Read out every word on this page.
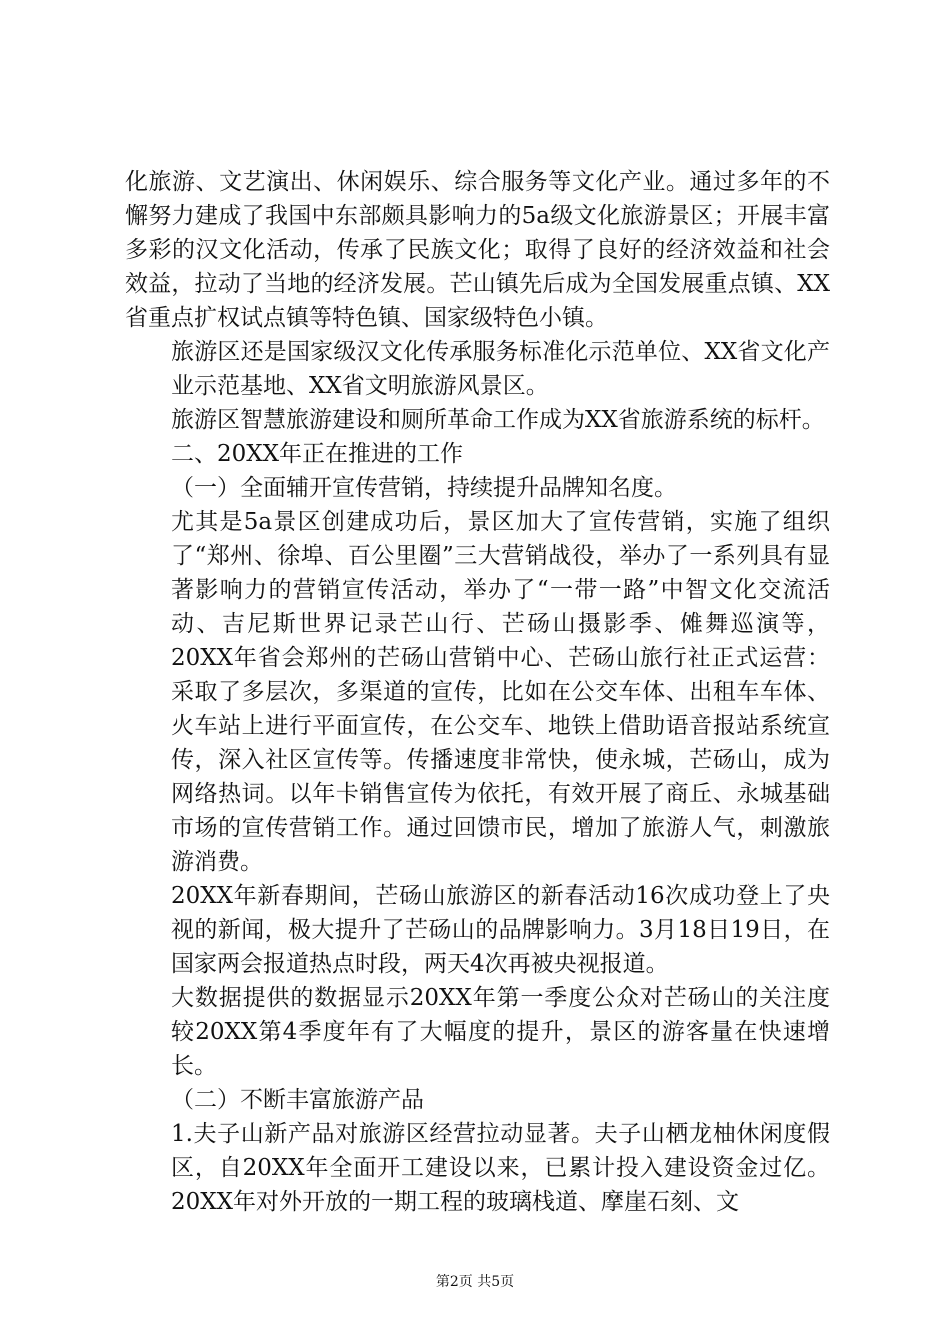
化旅游、文艺演出、休闲娱乐、综合服务等文化产业。通过多年的不懈努力建成了我国中东部颇具影响力的5a级文化旅游景区；开展丰富多彩的汉文化活动，传承了民族文化；取得了良好的经济效益和社会效益，拉动了当地的经济发展。芒山镇先后成为全国发展重点镇、XX省重点扩权试点镇等特色镇、国家级特色小镇。

旅游区还是国家级汉文化传承服务标准化示范单位、XX省文化产业示范基地、XX省文明旅游风景区。

旅游区智慧旅游建设和厕所革命工作成为XX省旅游系统的标杆。

二、20XX年正在推进的工作

（一）全面辅开宣传营销，持续提升品牌知名度。

尤其是5a景区创建成功后，景区加大了宣传营销，实施了组织了“郑州、徐埠、百公里圈”三大营销战役，举办了一系列具有显著影响力的营销宣传活动，举办了“一带一路”中智文化交流活动、吉尼斯世界记录芒山行、芒砀山摄影季、傩舞巡演等，20XX年省会郑州的芒砀山营销中心、芒砀山旅行社正式运营：采取了多层次，多渠道的宣传，比如在公交车体、出租车车体、火车站上进行平面宣传，在公交车、地铁上借助语音报站系统宣传，深入社区宣传等。传播速度非常快，使永城，芒砀山，成为网络热词。以年卡销售宣传为依托，有效开展了商丘、永城基础市场的宣传营销工作。通过回馈市民，增加了旅游人气，刺激旅游消费。

20XX年新春期间，芒砀山旅游区的新春活动16次成功登上了央视的新闻，极大提升了芒砀山的品牌影响力。3月18日19日，在国家两会报道热点时段，两天4次再被央视报道。

大数据提供的数据显示20XX年第一季度公众对芒砀山的关注度较20XX第4季度年有了大幅度的提升，景区的游客量在快速增长。

（二）不断丰富旅游产品

1.夫子山新产品对旅游区经营拉动显著。夫子山栖龙柚休闲度假区，自20XX年全面开工建设以来，已累计投入建设资金过亿。20XX年对外开放的一期工程的玻璃栈道、摩崖石刻、文

第2页 共5页
